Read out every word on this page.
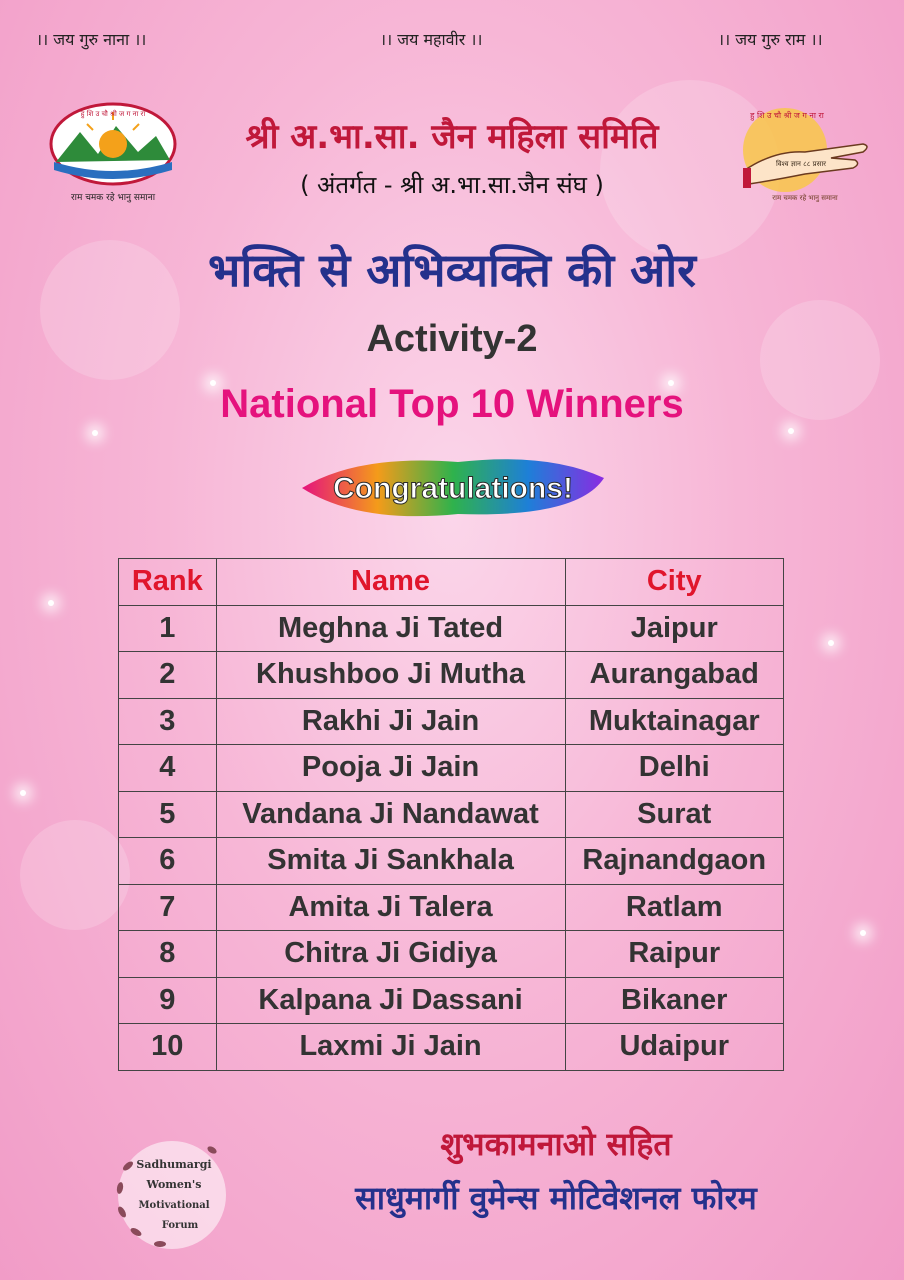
।। जय गुरु नाना ।।	।। जय महावीर ।।	।। जय गुरु राम ।।
हु शि उ चौ श्री ज ग ना रा
राम चमक रहे भानु समाना
हु शि उ चौ श्री ज ग ना रा
विश्व ज्ञान ८८ प्रसार
राम चमक रहे भानु समाना
श्री अ.भा.सा. जैन महिला समिति
( अंतर्गत - श्री अ.भा.सा.जैन संघ )
भक्ति से अभिव्यक्ति की ओर
Activity-2
National Top 10 Winners
Congratulations!
Rank	Name	City
1	Meghna Ji Tated	Jaipur
2	Khushboo Ji Mutha	Aurangabad
3	Rakhi Ji Jain	Muktainagar
4	Pooja Ji Jain	Delhi
5	Vandana Ji Nandawat	Surat
6	Smita Ji Sankhala	Rajnandgaon
7	Amita Ji Talera	Ratlam
8	Chitra Ji Gidiya	Raipur
9	Kalpana Ji Dassani	Bikaner
10	Laxmi Ji Jain	Udaipur
Sadhumargi
Women's
Motivational
Forum
शुभकामनाओ सहित
साधुमार्गी वुमेन्स मोटिवेशनल फोरम
